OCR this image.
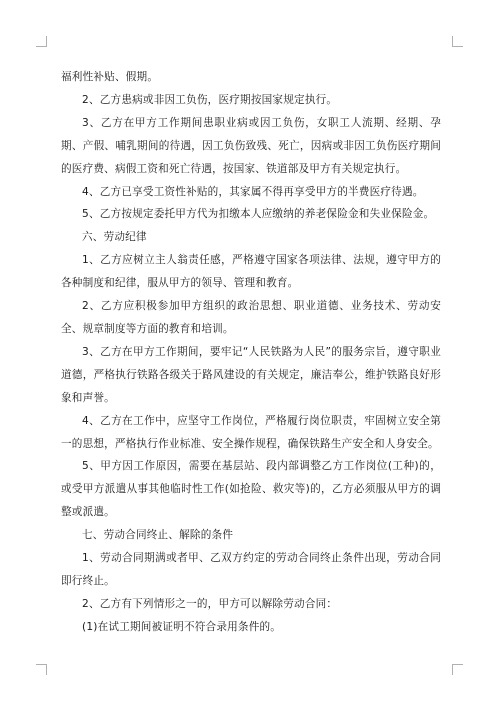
福利性补贴、假期。

2、乙方患病或非因工负伤，医疗期按国家规定执行。

3、乙方在甲方工作期间患职业病或因工负伤，女职工人流期、经期、孕期、产假、哺乳期间的待遇，因工负伤致残、死亡，因病或非因工负伤医疗期间的医疗费、病假工资和死亡待遇，按国家、铁道部及甲方有关规定执行。

4、乙方已享受工资性补贴的，其家属不得再享受甲方的半费医疗待遇。

5、乙方按规定委托甲方代为扣缴本人应缴纳的养老保险金和失业保险金。

六、劳动纪律

1、乙方应树立主人翁责任感，严格遵守国家各项法律、法规，遵守甲方的各种制度和纪律，服从甲方的领导、管理和教育。

2、乙方应积极参加甲方组织的政治思想、职业道德、业务技术、劳动安全、规章制度等方面的教育和培训。

3、乙方在甲方工作期间，要牢记“人民铁路为人民”的服务宗旨，遵守职业道德，严格执行铁路各级关于路风建设的有关规定，廉洁奉公，维护铁路良好形象和声誉。

4、乙方在工作中，应坚守工作岗位，严格履行岗位职责，牢固树立安全第一的思想，严格执行作业标准、安全操作规程，确保铁路生产安全和人身安全。

5、甲方因工作原因，需要在基层站、段内部调整乙方工作岗位(工种)的，或受甲方派遣从事其他临时性工作(如抢险、救灾等)的，乙方必须服从甲方的调整或派遣。

七、劳动合同终止、解除的条件

1、劳动合同期满或者甲、乙双方约定的劳动合同终止条件出现，劳动合同即行终止。

2、乙方有下列情形之一的，甲方可以解除劳动合同：

(1)在试工期间被证明不符合录用条件的。
